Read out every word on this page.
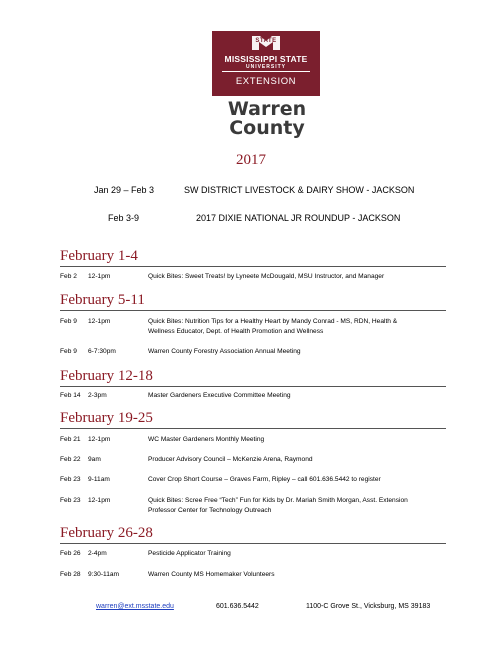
STATE
MISSISSIPPI STATE
UNIVERSITY
EXTENSION
Warren
County
2017
Jan 29 – Feb 3	SW DISTRICT LIVESTOCK & DAIRY SHOW - JACKSON
Feb 3-9	2017 DIXIE NATIONAL JR ROUNDUP - JACKSON
February 1-4
Feb 2 12-1pm	Quick Bites: Sweet Treats! by Lyneete McDougald, MSU Instructor, and Manager
February 5-11
Feb 9 12-1pm	Quick Bites: Nutrition Tips for a Healthy Heart by Mandy Conrad - MS, RDN, Health &
Wellness Educator, Dept. of Health Promotion and Wellness
Feb 9 6-7:30pm	Warren County Forestry Association Annual Meeting
February 12-18
Feb 14 2-3pm	Master Gardeners Executive Committee Meeting
February 19-25
Feb 21 12-1pm	WC Master Gardeners Monthly Meeting
Feb 22 9am	Producer Advisory Council – McKenzie Arena, Raymond
Feb 23 9-11am	Cover Crop Short Course – Graves Farm, Ripley – call 601.636.5442 to register
Feb 23 12-1pm	Quick Bites: Scree Free “Tech” Fun for Kids by Dr. Mariah Smith Morgan, Asst. Extension
Professor Center for Technology Outreach
February 26-28
Feb 26 2-4pm	Pesticide Applicator Training
Feb 28 9:30-11am	Warren County MS Homemaker Volunteers
warren@ext.msstate.edu	601.636.5442	1100-C Grove St., Vicksburg, MS 39183
